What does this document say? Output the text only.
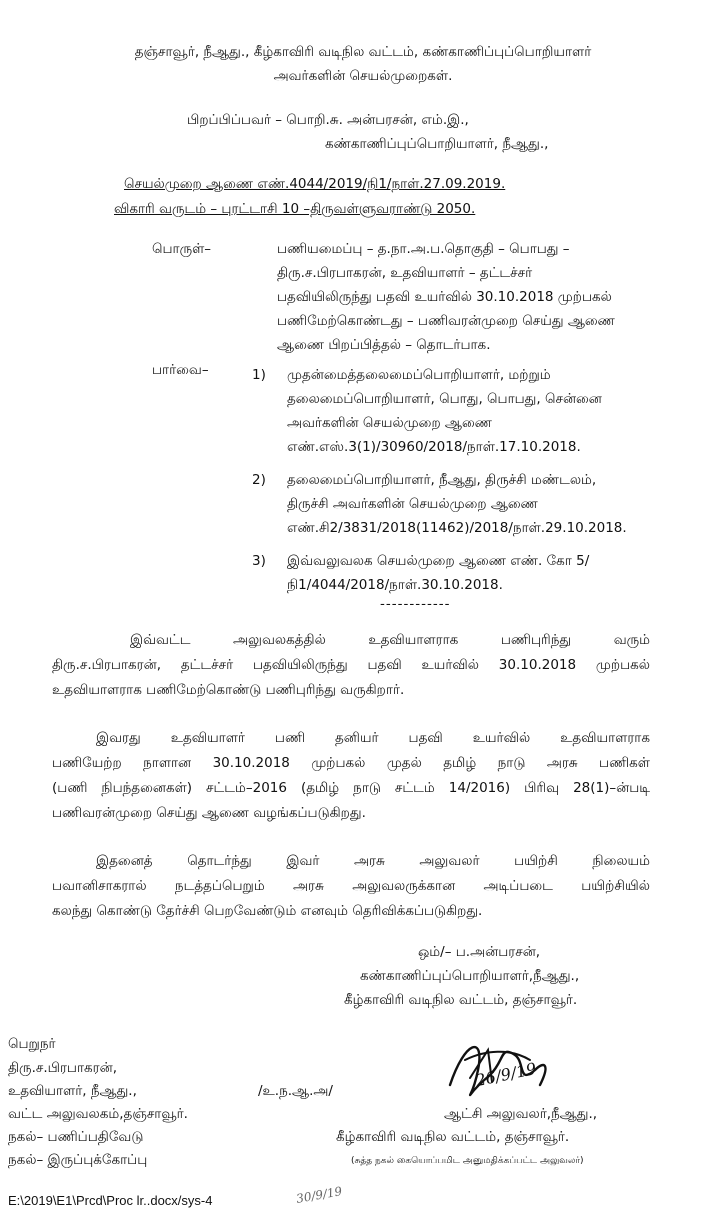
தஞ்சாவூர், நீஆது., கீழ்காவிரி வடிநில வட்டம், கண்காணிப்புப்பொறியாளர்
அவர்களின் செயல்முறைகள்.
பிறப்பிப்பவர் – பொறி.சு. அன்பரசன், எம்.இ.,
கண்காணிப்புப்பொறியாளர், நீஆது.,
செயல்முறை ஆணை எண்.4044/2019/நி1/நாள்.27.09.2019.
விகாரி வருடம் – புரட்டாசி 10 –திருவள்ளுவராண்டு 2050.
பொருள்–	பணியமைப்பு – த.நா.அ.ப.தொகுதி – பொபது –
திரு.ச.பிரபாகரன், உதவியாளர் – தட்டச்சர்
பதவியிலிருந்து பதவி உயர்வில் 30.10.2018 முற்பகல்
பணிமேற்கொண்டது – பணிவரன்முறை செய்து ஆணை
ஆணை பிறப்பித்தல் – தொடர்பாக.
பார்வை–	1) முதன்மைத்தலைமைப்பொறியாளர், மற்றும்
தலைமைப்பொறியாளர், பொது, பொபது, சென்னை
அவர்களின் செயல்முறை ஆணை
எண்.எஸ்.3(1)/30960/2018/நாள்.17.10.2018.
2) தலைமைப்பொறியாளர், நீஆது, திருச்சி மண்டலம்,
திருச்சி அவர்களின் செயல்முறை ஆணை
எண்.சி2/3831/2018(11462)/2018/நாள்.29.10.2018.
3) இவ்வலுவலக செயல்முறை ஆணை எண். கோ 5/
நி1/4044/2018/நாள்.30.10.2018.
------------
இவ்வட்ட அலுவலகத்தில் உதவியாளராக பணிபுரிந்து வரும்
திரு.ச.பிரபாகரன், தட்டச்சர் பதவியிலிருந்து பதவி உயர்வில் 30.10.2018 முற்பகல்
உதவியாளராக பணிமேற்கொண்டு பணிபுரிந்து வருகிறார்.
இவரது உதவியாளர் பணி தனியர் பதவி உயர்வில் உதவியாளராக
பணியேற்ற நாளான 30.10.2018 முற்பகல் முதல் தமிழ் நாடு அரசு பணிகள்
(பணி நிபந்தனைகள்) சட்டம்–2016 (தமிழ் நாடு சட்டம் 14/2016) பிரிவு 28(1)–ன்படி
பணிவரன்முறை செய்து ஆணை வழங்கப்படுகிறது.
இதனைத் தொடர்ந்து இவர் அரசு அலுவலர் பயிற்சி நிலையம்
பவானிசாகரால் நடத்தப்பெறும் அரசு அலுவலருக்கான அடிப்படை பயிற்சியில்
கலந்து கொண்டு தேர்ச்சி பெறவேண்டும் எனவும் தெரிவிக்கப்படுகிறது.
ஒம்/– ப.அன்பரசன்,
கண்காணிப்புப்பொறியாளர்,நீஆது.,
கீழ்காவிரி வடிநில வட்டம், தஞ்சாவூர்.
பெறுநர்
திரு.ச.பிரபாகரன்,
உதவியாளர், நீஆது.,
வட்ட அலுவலகம்,தஞ்சாவூர்.
நகல்– பணிப்பதிவேடு
நகல்– இருப்புக்கோப்பு
/உ.ந.ஆ.அ/
26/9/19
ஆட்சி அலுவலர்,நீஆது.,
கீழ்காவிரி வடிநில வட்டம், தஞ்சாவூர்.
(சுத்த நகல் கையொப்பமிட அனுமதிக்கப்பட்ட அலுவலர்)
E:\2019\E1\Prcd\Proc lr..docx/sys-4	30/9/19
